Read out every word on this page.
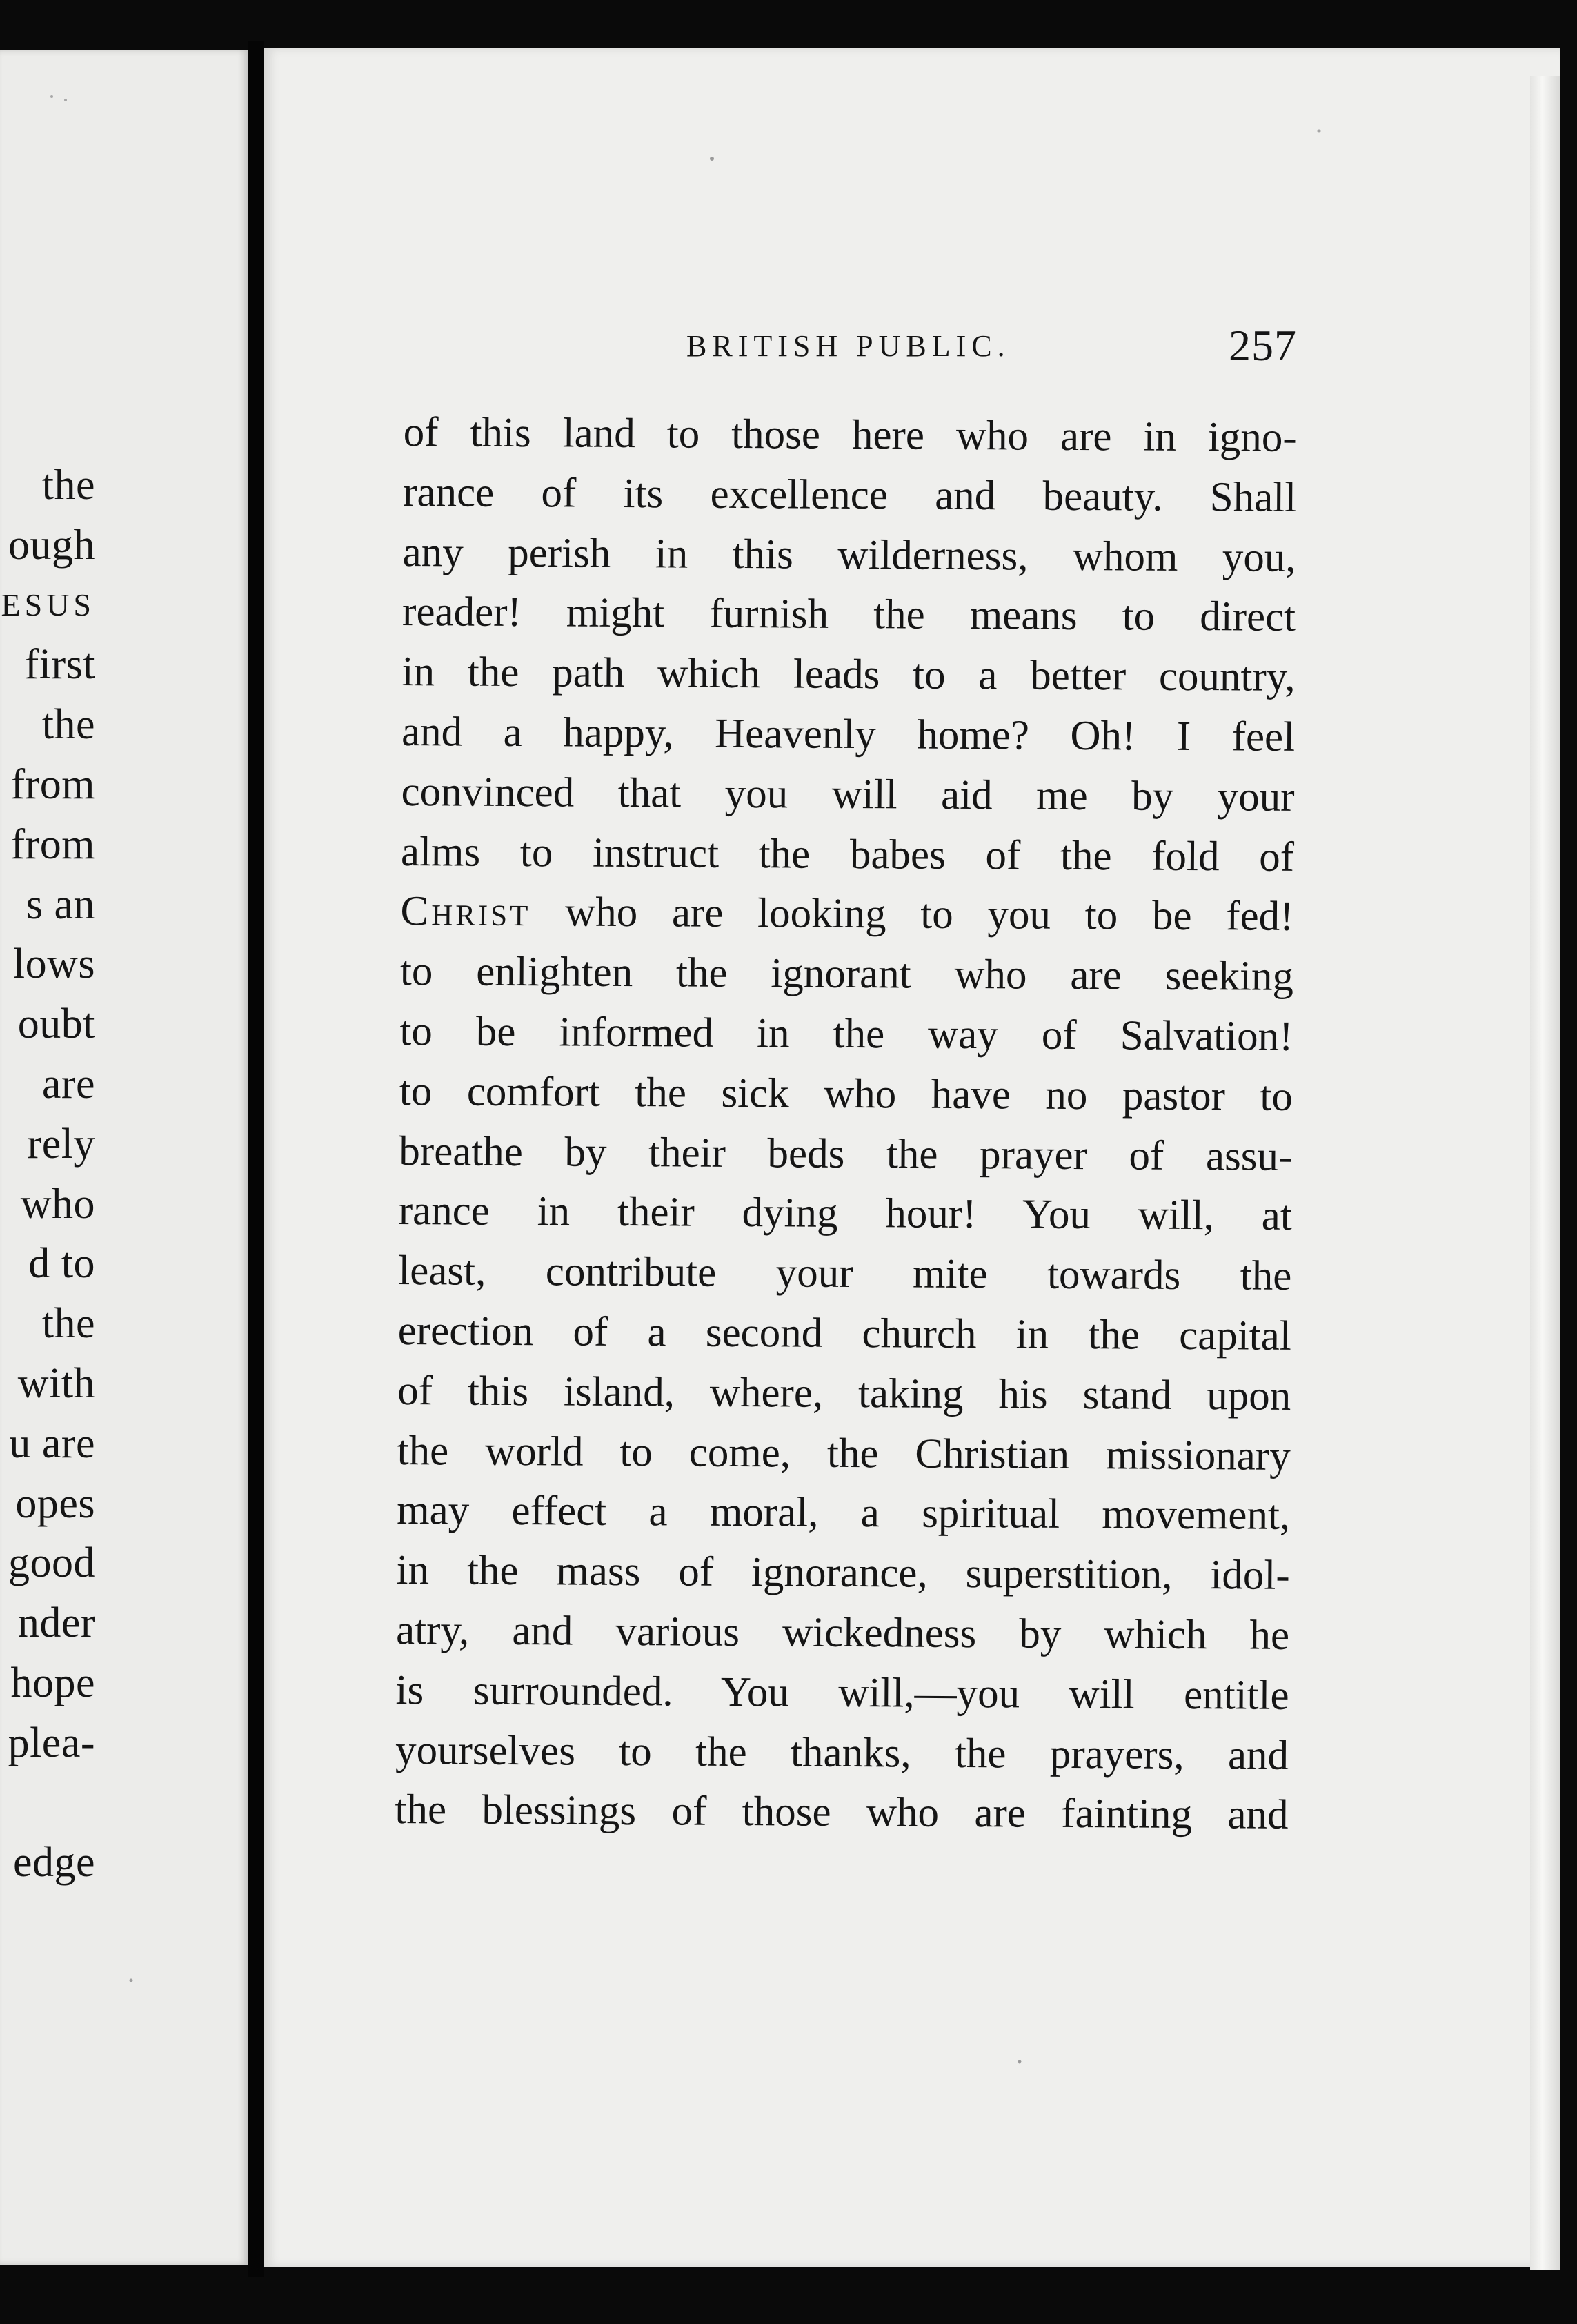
the
ough
ESUS
first
the
from
from
s an
lows
oubt
are
rely
who
d to
the
with
u are
opes
good
nder
hope
plea-
edge
BRITISH PUBLIC.	257
of this land to those here who are in igno-
rance of its excellence and beauty. Shall
any perish in this wilderness, whom you,
reader! might furnish the means to direct
in the path which leads to a better country,
and a happy, Heavenly home? Oh! I feel
convinced that you will aid me by your
alms to instruct the babes of the fold of
Christ who are looking to you to be fed!
to enlighten the ignorant who are seeking
to be informed in the way of Salvation!
to comfort the sick who have no pastor to
breathe by their beds the prayer of assu-
rance in their dying hour! You will, at
least, contribute your mite towards the
erection of a second church in the capital
of this island, where, taking his stand upon
the world to come, the Christian missionary
may effect a moral, a spiritual movement,
in the mass of ignorance, superstition, idol-
atry, and various wickedness by which he
is surrounded. You will,—you will entitle
yourselves to the thanks, the prayers, and
the blessings of those who are fainting and
